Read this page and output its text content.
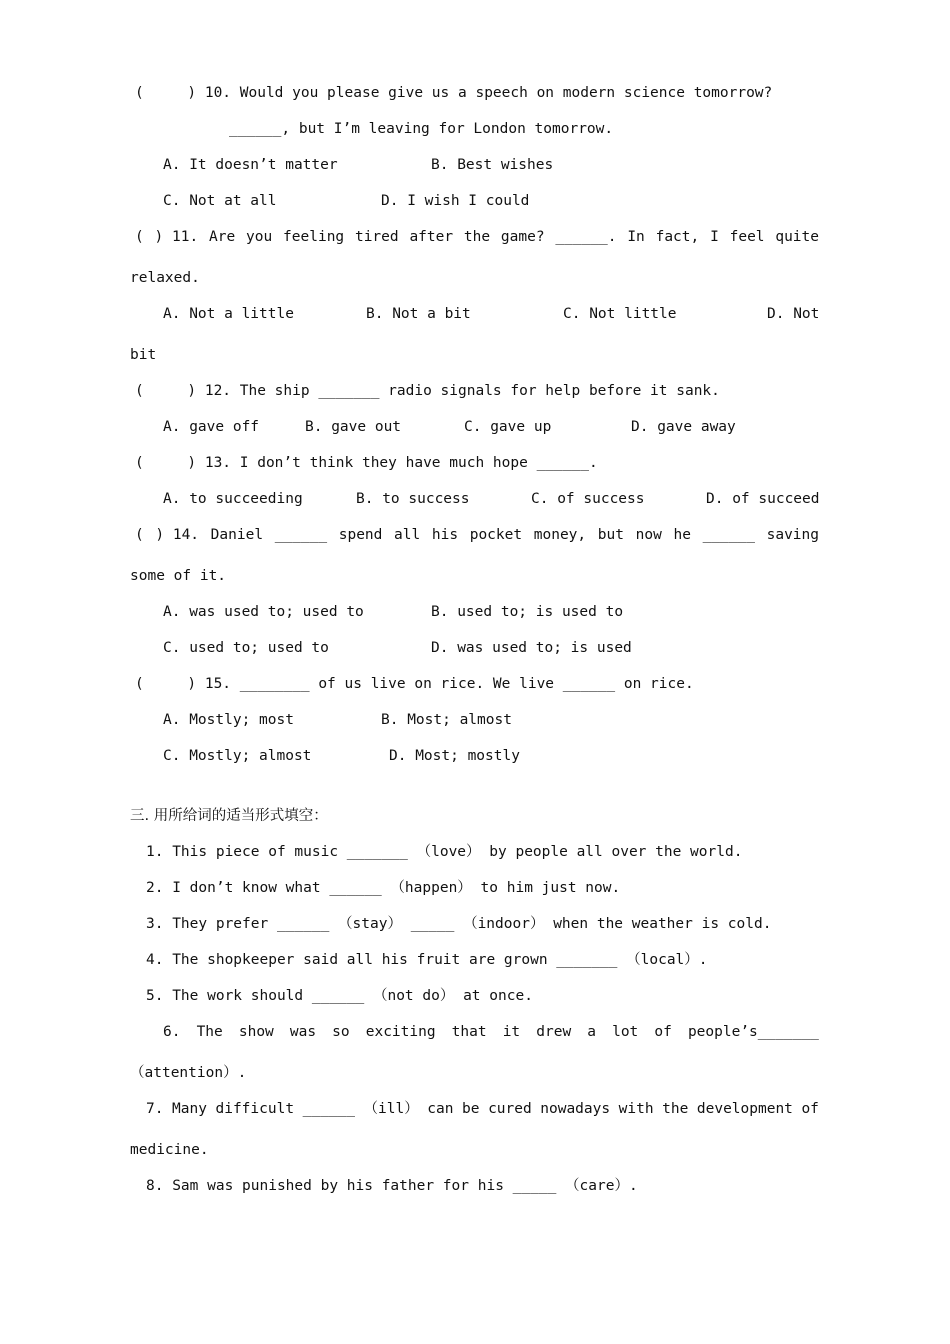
(     ) 10. Would you please give us a speech on modern science tomorrow?
______, but I’m leaving for London tomorrow.
A. It doesn’t matter	B. Best wishes
C. Not at all	D. I wish I could
( ) 11. Are you feeling tired after the game? ______. In fact, I feel quite
relaxed.
A. Not a little	B. Not a bit	C. Not little	D. Not
bit
(     ) 12. The ship _______ radio signals for help before it sank.
A. gave off	B. gave out	C. gave up	D. gave away
(     ) 13. I don’t think they have much hope ______.
A. to succeeding	B. to success	C. of success	D. of succeed
( ) 14. Daniel ______ spend all his pocket money, but now he ______ saving
some of it.
A. was used to; used to	B. used to; is used to
C. used to; used to	D. was used to; is used
(     ) 15. ________ of us live on rice. We live ______ on rice.
A. Mostly; most	B. Most; almost
C. Mostly; almost	D. Most; mostly
三. 用所给词的适当形式填空：
1. This piece of music _______ （love） by people all over the world.
2. I don’t know what ______ （happen） to him just now.
3. They prefer ______ （stay） _____ （indoor） when the weather is cold.
4. The shopkeeper said all his fruit are grown _______ （local）.
5. The work should ______ （not do） at once.
6. The show was so exciting that it drew a lot of people’s_______
（attention）.
7. Many difficult ______ （ill） can be cured nowadays with the development of
medicine.
8. Sam was punished by his father for his _____ （care）.
